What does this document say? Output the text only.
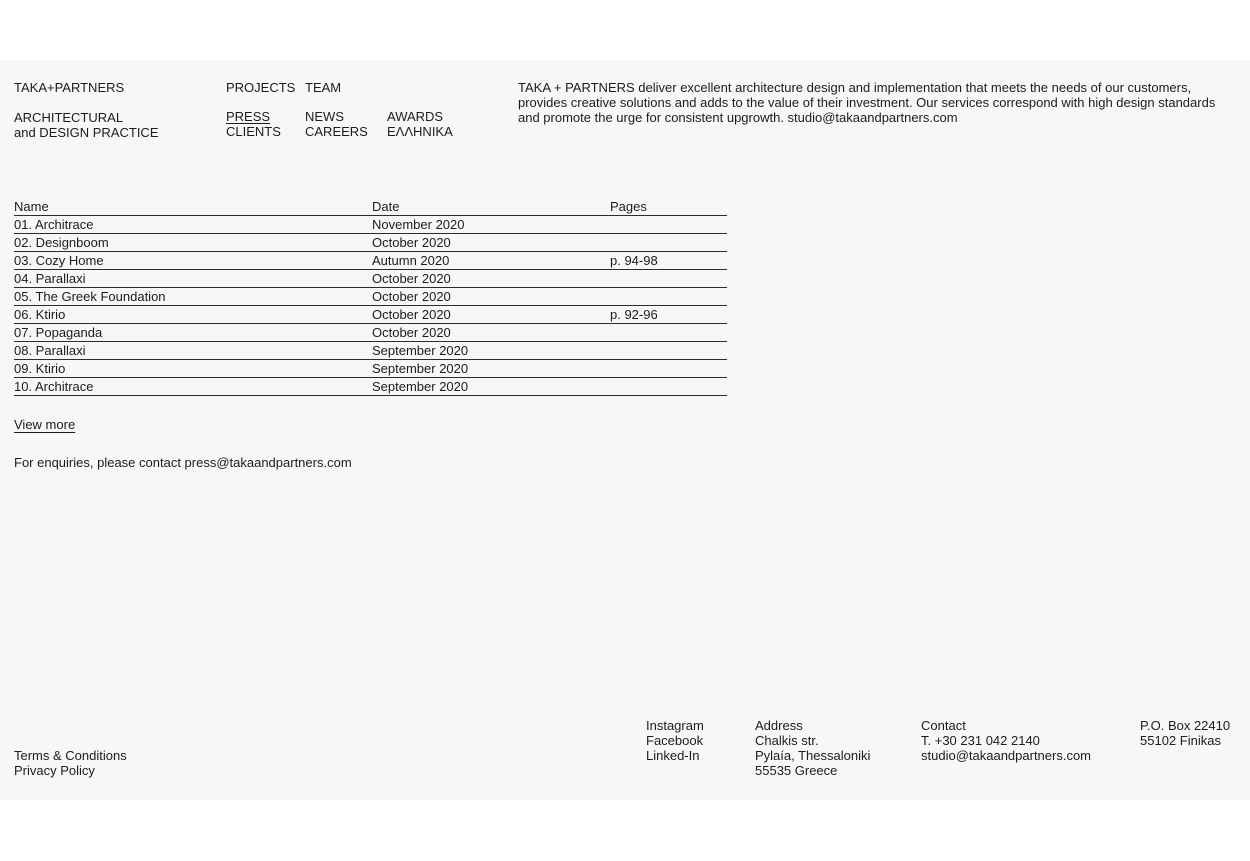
TAKA+PARTNERS
ARCHITECTURAL
and DESIGN PRACTICE
PROJECTS
PRESS
CLIENTS
TEAM
NEWS
CAREERS
AWARDS
ΕΛΛΗΝΙΚΑ
TAKA + PARTNERS deliver excellent architecture design and implementation that meets the needs of our customers, provides creative solutions and adds to the value of their investment. Our services correspond with high design standards and promote the urge for consistent upgrowth. studio@takaandpartners.com
Name	Date	Pages
01. Architrace	November 2020
02. Designboom	October 2020
03. Cozy Home	Autumn 2020	p. 94-98
04. Parallaxi	October 2020
05. The Greek Foundation	October 2020
06. Ktirio	October 2020	p. 92-96
07. Popaganda	October 2020
08. Parallaxi	September 2020
09. Ktirio	September 2020
10. Architrace	September 2020
View more
For enquiries, please contact press@takaandpartners.com
Terms & Conditions
Privacy Policy
Instagram
Facebook
Linked-In
Address
Chalkis str.
Pylaía, Thessaloniki
55535 Greece
Contact
T. +30 231 042 2140
studio@takaandpartners.com
P.O. Box 22410
55102 Finikas
